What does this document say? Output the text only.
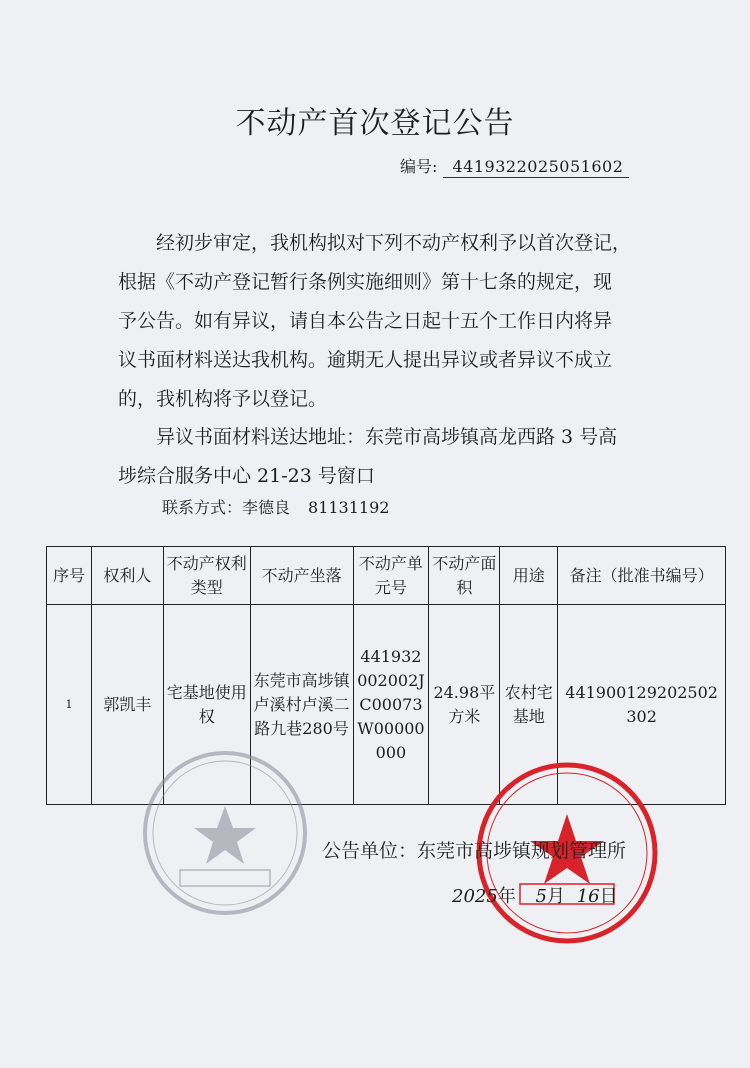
不动产首次登记公告
编号: 4419322025051602
经初步审定，我机构拟对下列不动产权利予以首次登记，
根据《不动产登记暂行条例实施细则》第十七条的规定，现
予公告。如有异议，请自本公告之日起十五个工作日内将异
议书面材料送达我机构。逾期无人提出异议或者异议不成立
的，我机构将予以登记。
异议书面材料送达地址：东莞市高埗镇高龙西路 3 号高
埗综合服务中心 21-23 号窗口
联系方式：李德良 81131192
序号	权利人	不动产权利类型	不动产坐落	不动产单元号	不动产面积	用途	备注（批准书编号）
1	郭凯丰	宅基地使用权	东莞市高埗镇卢溪村卢溪二路九巷280号	441932002002JC00073W00000000	24.98平方米	农村宅基地	441900129202502302
公告单位：东莞市高埗镇规划管理所
2025年 5月 16日
